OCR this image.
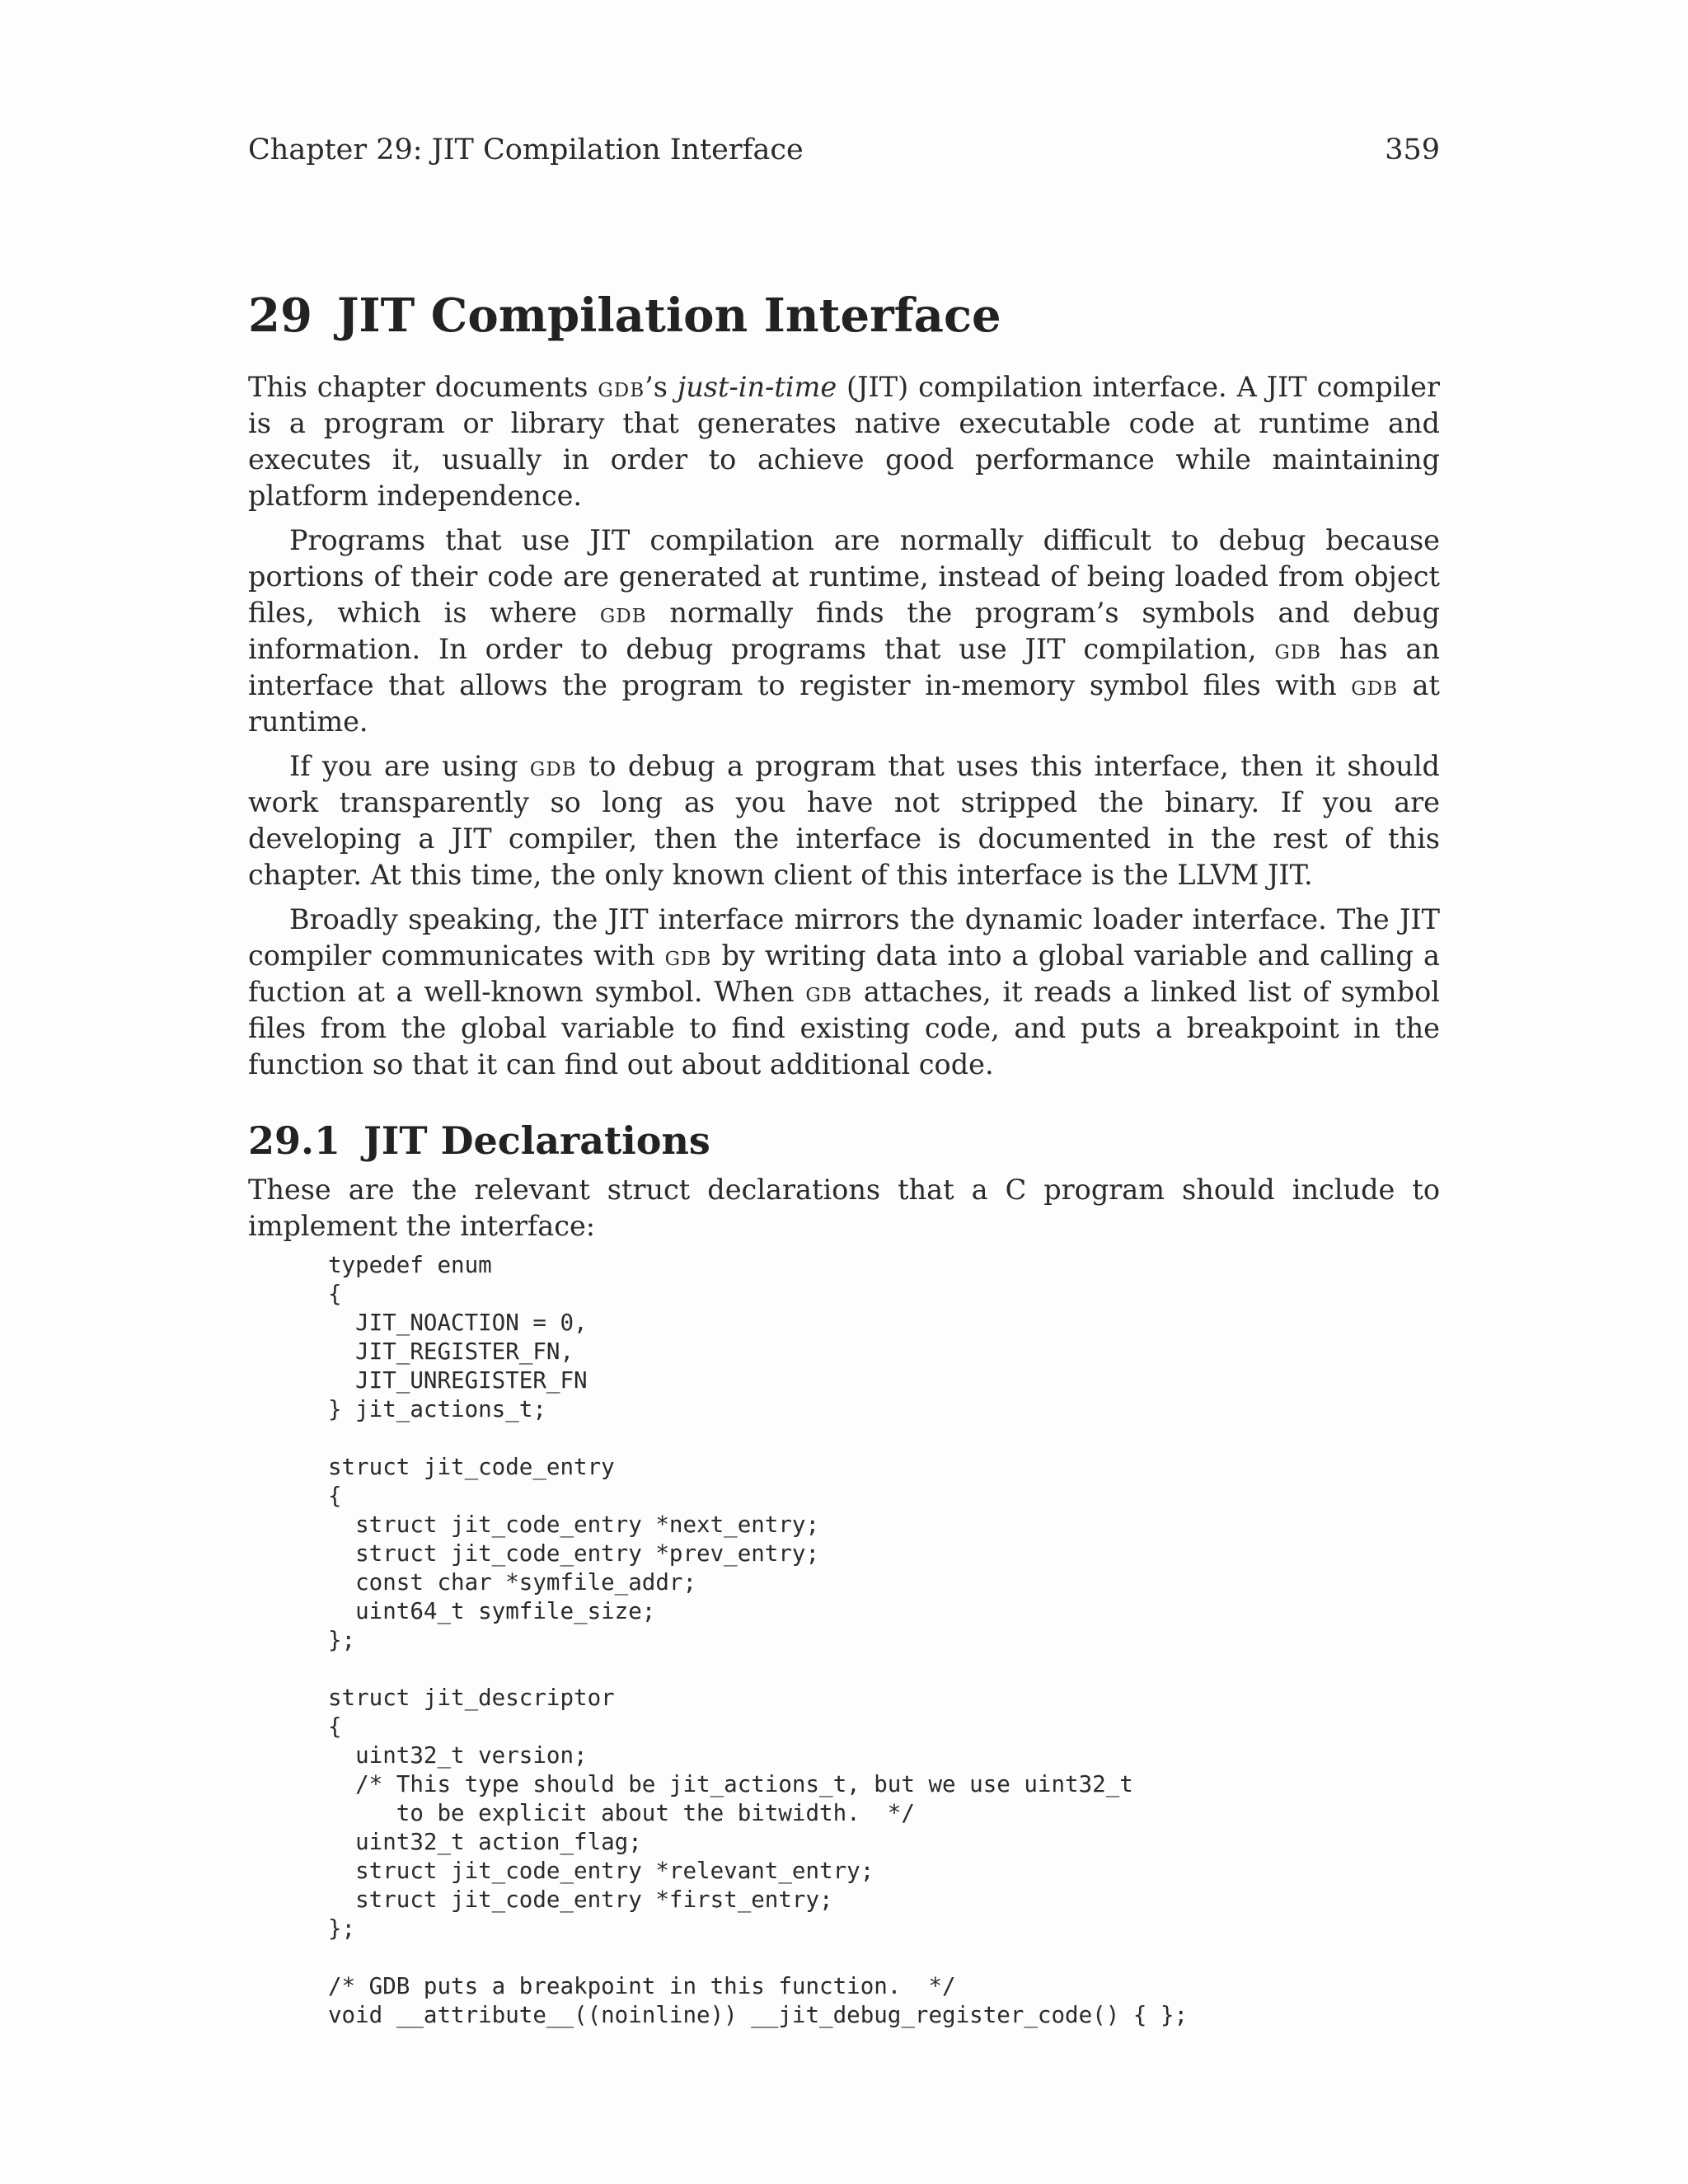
Chapter 29: JIT Compilation Interface	359
29 JIT Compilation Interface

This chapter documents gdb’s just-in-time (JIT) compilation interface. A JIT compiler is a program or library that generates native executable code at runtime and executes it, usually in order to achieve good performance while maintaining platform independence.

Programs that use JIT compilation are normally difficult to debug because portions of their code are generated at runtime, instead of being loaded from object files, which is where gdb normally finds the program’s symbols and debug information. In order to debug programs that use JIT compilation, gdb has an interface that allows the program to register in-memory symbol files with gdb at runtime.

If you are using gdb to debug a program that uses this interface, then it should work transparently so long as you have not stripped the binary. If you are developing a JIT compiler, then the interface is documented in the rest of this chapter. At this time, the only known client of this interface is the LLVM JIT.

Broadly speaking, the JIT interface mirrors the dynamic loader interface. The JIT compiler communicates with gdb by writing data into a global variable and calling a fuction at a well-known symbol. When gdb attaches, it reads a linked list of symbol files from the global variable to find existing code, and puts a breakpoint in the function so that it can find out about additional code.

29.1 JIT Declarations

These are the relevant struct declarations that a C program should include to implement the interface:

typedef enum
{
JIT_NOACTION = 0,
JIT_REGISTER_FN,
JIT_UNREGISTER_FN
} jit_actions_t;

struct jit_code_entry
{
struct jit_code_entry *next_entry;
struct jit_code_entry *prev_entry;
const char *symfile_addr;
uint64_t symfile_size;
};

struct jit_descriptor
{
uint32_t version;
/* This type should be jit_actions_t, but we use uint32_t
to be explicit about the bitwidth.  */
uint32_t action_flag;
struct jit_code_entry *relevant_entry;
struct jit_code_entry *first_entry;
};

/* GDB puts a breakpoint in this function.  */
void __attribute__((noinline)) __jit_debug_register_code() { };
